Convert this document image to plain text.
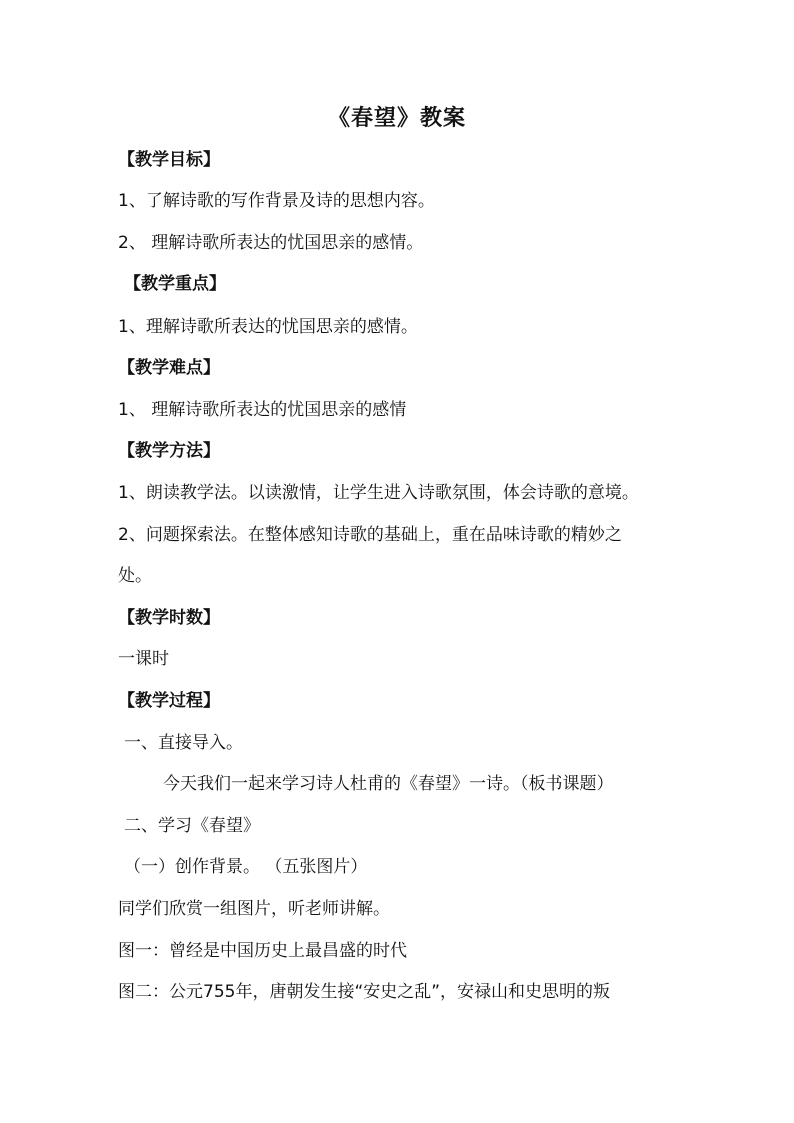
《春望》教案
【教学目标】
1、了解诗歌的写作背景及诗的思想内容。
2、 理解诗歌所表达的忧国思亲的感情。
【教学重点】
1、理解诗歌所表达的忧国思亲的感情。
【教学难点】
1、 理解诗歌所表达的忧国思亲的感情
【教学方法】
1、朗读教学法。以读激情，让学生进入诗歌氛围，体会诗歌的意境。
2、问题探索法。在整体感知诗歌的基础上，重在品味诗歌的精妙之
处。
【教学时数】
一课时
【教学过程】
一、直接导入。
今天我们一起来学习诗人杜甫的《春望》一诗。（板书课题）
二、学习《春望》
（一）创作背景。 （五张图片）
同学们欣赏一组图片，听老师讲解。
图一：曾经是中国历史上最昌盛的时代
图二：公元755年，唐朝发生接“安史之乱”，安禄山和史思明的叛
